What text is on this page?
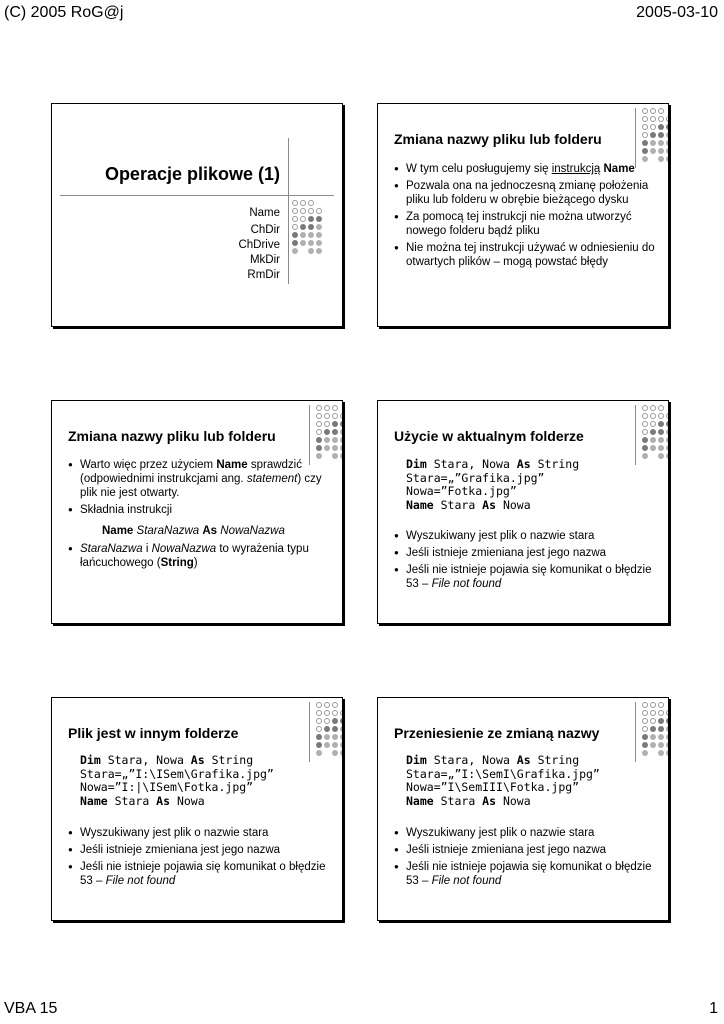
(C) 2005 RoG@j	2005-03-10
Operacje plikowe (1)
Name
ChDir
ChDrive
MkDir
RmDir
Zmiana nazwy pliku lub folderu
● W tym celu posługujemy się instrukcją Name
● Pozwala ona na jednoczesną zmianę położenia pliku lub folderu w obrębie bieżącego dysku
● Za pomocą tej instrukcji nie można utworzyć nowego folderu bądź pliku
● Nie można tej instrukcji używać w odniesieniu do otwartych plików – mogą powstać błędy
Zmiana nazwy pliku lub folderu
● Warto więc przez użyciem Name sprawdzić (odpowiednimi instrukcjami ang. statement) czy plik nie jest otwarty.
● Składnia instrukcji
Name StaraNazwa As NowaNazwa
● StaraNazwa i NowaNazwa to wyrażenia typu łańcuchowego (String)
Użycie w aktualnym folderze
Dim Stara, Nowa As String
Stara=„”Grafika.jpg”
Nowa=”Fotka.jpg”
Name Stara As Nowa
● Wyszukiwany jest plik o nazwie stara
● Jeśli istnieje zmieniana jest jego nazwa
● Jeśli nie istnieje pojawia się komunikat o błędzie 53 – File not found
Plik jest w innym folderze
Dim Stara, Nowa As String
Stara=„”I:\ISem\Grafika.jpg”
Nowa=”I:|\ISem\Fotka.jpg”
Name Stara As Nowa
● Wyszukiwany jest plik o nazwie stara
● Jeśli istnieje zmieniana jest jego nazwa
● Jeśli nie istnieje pojawia się komunikat o błędzie 53 – File not found
Przeniesienie ze zmianą nazwy
Dim Stara, Nowa As String
Stara=„”I:\SemI\Grafika.jpg”
Nowa=”I\SemIII\Fotka.jpg”
Name Stara As Nowa
● Wyszukiwany jest plik o nazwie stara
● Jeśli istnieje zmieniana jest jego nazwa
● Jeśli nie istnieje pojawia się komunikat o błędzie 53 – File not found
VBA 15	1
